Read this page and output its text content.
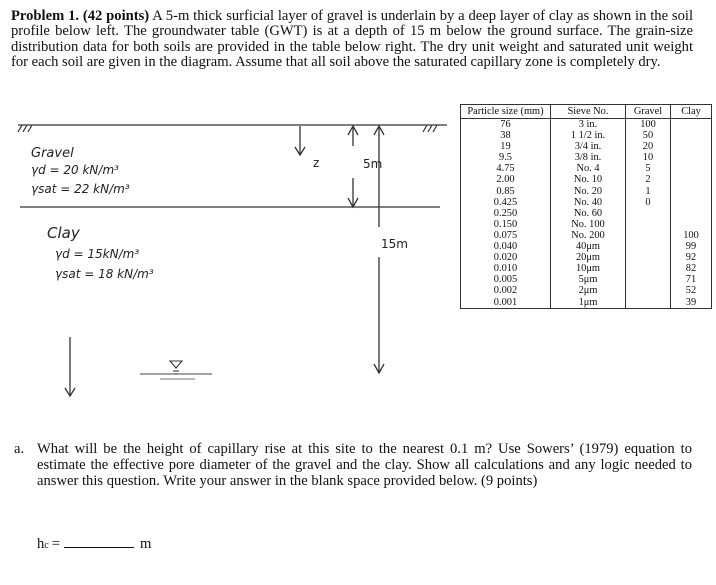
Problem 1. (42 points) A 5-m thick surficial layer of gravel is underlain by a deep layer of clay as shown in the soil profile below left. The groundwater table (GWT) is at a depth of 15 m below the ground surface. The grain-size distribution data for both soils are provided in the table below right. The dry unit weight and saturated unit weight for each soil are given in the diagram. Assume that all soil above the saturated capillary zone is completely dry.
z	5m
15m
Gravel
γd = 20 kN/m³
γsat = 22 kN/m³
Clay
γd = 15kN/m³
γsat = 18 kN/m³
Particle size (mm)	Sieve No.	Gravel	Clay
76	3 in.	100	
38	1 1/2 in.	50	
19	3/4 in.	20	
9.5	3/8 in.	10	
4.75	No. 4	5	
2.00	No. 10	2	
0.85	No. 20	1	
0.425	No. 40	0	
0.250	No. 60		
0.150	No. 100		
0.075	No. 200		100
0.040	40μm		99
0.020	20μm		92
0.010	10μm		82
0.005	5μm		71
0.002	2μm		52
0.001	1μm		39
a. What will be the height of capillary rise at this site to the nearest 0.1 m? Use Sowers’ (1979) equation to estimate the effective pore diameter of the gravel and the clay. Show all calculations and any logic needed to answer this question. Write your answer in the blank space provided below. (9 points)
h c =	m
